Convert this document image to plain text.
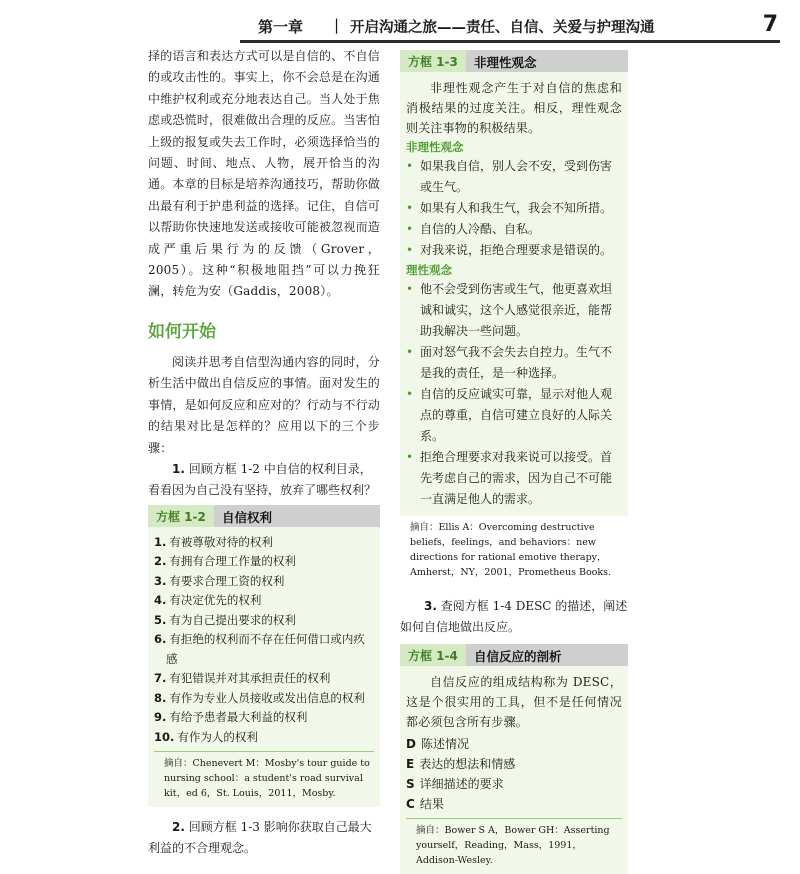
第一章 | 开启沟通之旅——责任、自信、关爱与护理沟通	7

择的语言和表达方式可以是自信的、不自信的或攻击性的。事实上，你不会总是在沟通中维护权利或充分地表达自己。当人处于焦虑或恐慌时，很难做出合理的反应。当害怕上级的报复或失去工作时，必须选择恰当的问题、时间、地点、人物，展开恰当的沟通。本章的目标是培养沟通技巧，帮助你做出最有利于护患利益的选择。记住，自信可以帮助你快速地发送或接收可能被忽视而造成严重后果行为的反馈（Grover，2005）。这种“积极地阻挡”可以力挽狂澜，转危为安（Gaddis，2008）。

如何开始

阅读并思考自信型沟通内容的同时，分析生活中做出自信反应的事情。面对发生的事情，是如何反应和应对的？行动与不行动的结果对比是怎样的？应用以下的三个步骤：

1. 回顾方框 1-2 中自信的权利目录，看看因为自己没有坚持，放弃了哪些权利？

方框 1-2	自信权利
1. 有被尊敬对待的权利
2. 有拥有合理工作量的权利
3. 有要求合理工资的权利
4. 有决定优先的权利
5. 有为自己提出要求的权利
6. 有拒绝的权利而不存在任何借口或内疚感
7. 有犯错误并对其承担责任的权利
8. 有作为专业人员接收或发出信息的权利
9. 有给予患者最大利益的权利
10. 有作为人的权利

摘自：Chenevert M：Mosby's tour guide to nursing school：a student's road survival kit，ed 6，St. Louis，2011，Mosby.

2. 回顾方框 1-3 影响你获取自己最大利益的不合理观念。

方框 1-3	非理性观念

非理性观念产生于对自信的焦虑和消极结果的过度关注。相反，理性观念则关注事物的积极结果。

非理性观念
• 如果我自信，别人会不安，受到伤害或生气。
• 如果有人和我生气，我会不知所措。
• 自信的人冷酷、自私。
• 对我来说，拒绝合理要求是错误的。
理性观念
• 他不会受到伤害或生气，他更喜欢坦诚和诚实，这个人感觉很亲近，能帮助我解决一些问题。
• 面对怒气我不会失去自控力。生气不是我的责任，是一种选择。
• 自信的反应诚实可靠，显示对他人观点的尊重，自信可建立良好的人际关系。
• 拒绝合理要求对我来说可以接受。首先考虑自己的需求，因为自己不可能一直满足他人的需求。

摘自：Ellis A：Overcoming destructive beliefs，feelings，and behaviors：new directions for rational emotive therapy，Amherst，NY，2001，Prometheus Books.

3. 查阅方框 1-4 DESC 的描述，阐述如何自信地做出反应。

方框 1-4	自信反应的剖析

自信反应的组成结构称为 DESC，这是个很实用的工具，但不是任何情况都必须包含所有步骤。

D 陈述情况
E 表达的想法和情感
S 详细描述的要求
C 结果

摘自：Bower S A，Bower GH：Asserting yourself，Reading，Mass，1991，Addison-Wesley.
